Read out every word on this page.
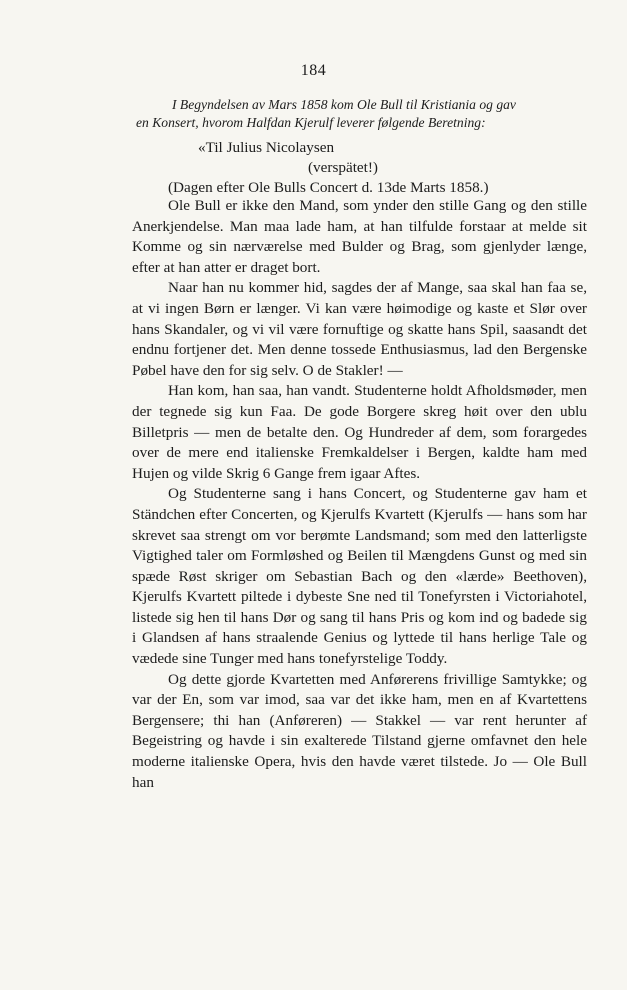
184
I Begyndelsen av Mars 1858 kom Ole Bull til Kristiania og gav
en Konsert, hvorom Halfdan Kjerulf leverer følgende Beretning:
«Til Julius Nicolaysen
(verspätet!)
(Dagen efter Ole Bulls Concert d. 13de Marts 1858.)

Ole Bull er ikke den Mand, som ynder den stille Gang og den stille Anerkjendelse. Man maa lade ham, at han tilfulde forstaar at melde sit Komme og sin nærværelse med Bulder og Brag, som gjenlyder længe, efter at han atter er draget bort.

Naar han nu kommer hid, sagdes der af Mange, saa skal han faa se, at vi ingen Børn er længer. Vi kan være høimodige og kaste et Slør over hans Skandaler, og vi vil være fornuftige og skatte hans Spil, saasandt det endnu fortjener det. Men denne tossede Enthusiasmus, lad den Bergenske Pøbel have den for sig selv. O de Stakler! —

Han kom, han saa, han vandt. Studenterne holdt Afholdsmøder, men der tegnede sig kun Faa. De gode Borgere skreg høit over den ublu Billetpris — men de betalte den. Og Hundreder af dem, som forargedes over de mere end italienske Fremkaldelser i Bergen, kaldte ham med Hujen og vilde Skrig 6 Gange frem igaar Aftes.

Og Studenterne sang i hans Concert, og Studenterne gav ham et Ständchen efter Concerten, og Kjerulfs Kvartett (Kjerulfs — hans som har skrevet saa strengt om vor berømte Landsmand; som med den latterligste Vigtighed taler om Formløshed og Beilen til Mængdens Gunst og med sin spæde Røst skriger om Sebastian Bach og den «lærde» Beethoven), Kjerulfs Kvartett piltede i dybeste Sne ned til Tonefyrsten i Victoriahotel, listede sig hen til hans Dør og sang til hans Pris og kom ind og badede sig i Glandsen af hans straalende Genius og lyttede til hans herlige Tale og vædede sine Tunger med hans tonefyrstelige Toddy.

Og dette gjorde Kvartetten med Anførerens frivillige Samtykke; og var der En, som var imod, saa var det ikke ham, men en af Kvartettens Bergensere; thi han (Anføreren) — Stakkel — var rent herunter af Begeistring og havde i sin exalterede Tilstand gjerne omfavnet den hele moderne italienske Opera, hvis den havde været tilstede. Jo — Ole Bull han
